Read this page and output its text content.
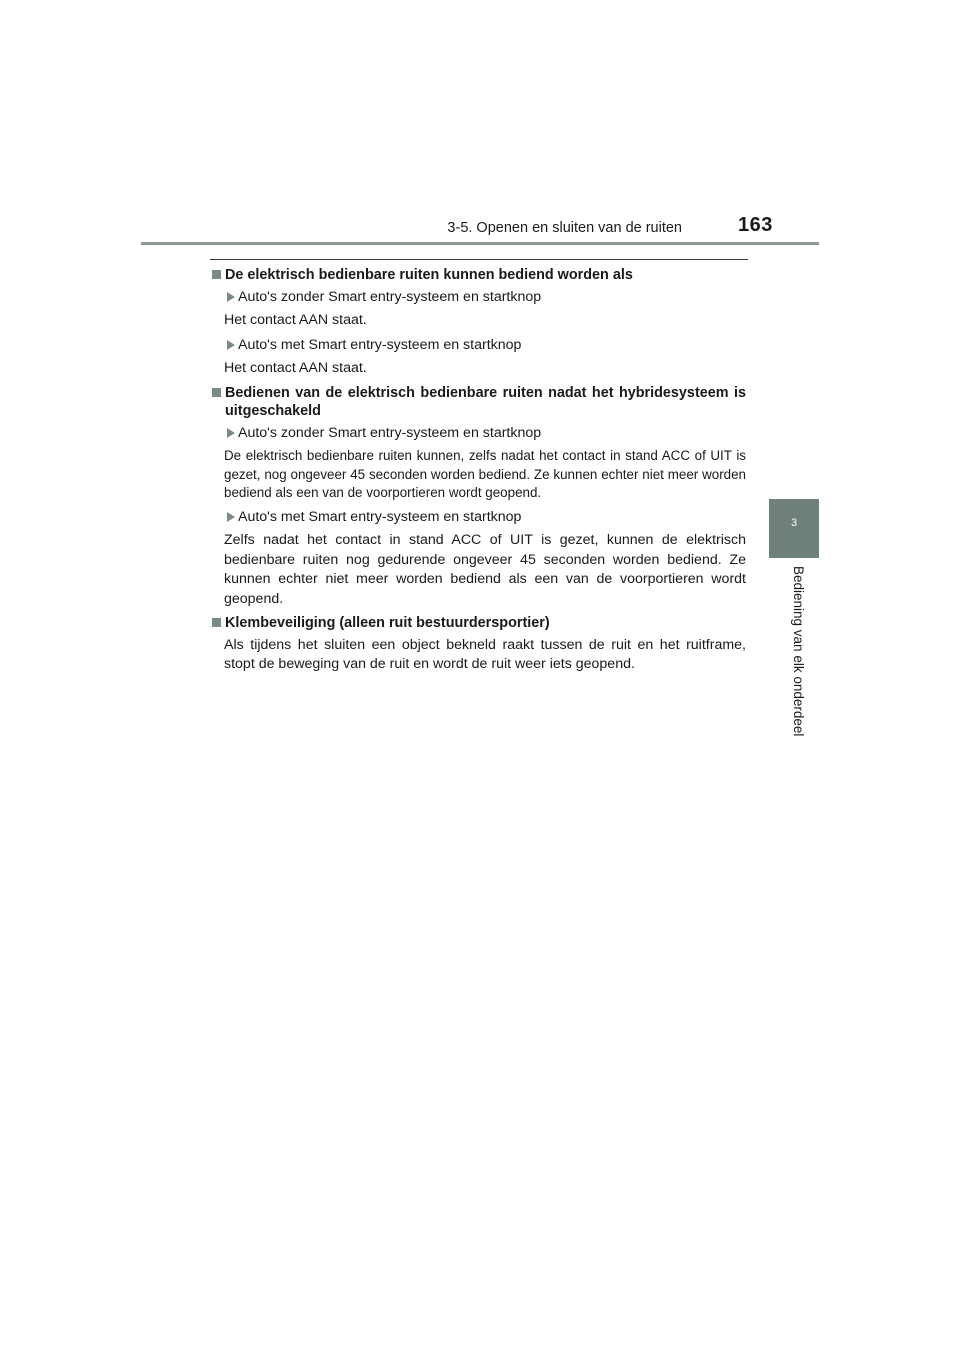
3-5. Openen en sluiten van de ruiten	163
3
Bediening van elk onderdeel
De elektrisch bedienbare ruiten kunnen bediend worden als
Auto's zonder Smart entry-systeem en startknop
Het contact AAN staat.
Auto's met Smart entry-systeem en startknop
Het contact AAN staat.
Bedienen van de elektrisch bedienbare ruiten nadat het hybridesysteem is uitgeschakeld
Auto's zonder Smart entry-systeem en startknop
De elektrisch bedienbare ruiten kunnen, zelfs nadat het contact in stand ACC of UIT is gezet, nog ongeveer 45 seconden worden bediend. Ze kunnen echter niet meer worden bediend als een van de voorportieren wordt geopend.
Auto's met Smart entry-systeem en startknop
Zelfs nadat het contact in stand ACC of UIT is gezet, kunnen de elektrisch bedienbare ruiten nog gedurende ongeveer 45 seconden worden bediend. Ze kunnen echter niet meer worden bediend als een van de voorportieren wordt geopend.
Klembeveiliging (alleen ruit bestuurdersportier)
Als tijdens het sluiten een object bekneld raakt tussen de ruit en het ruitframe, stopt de beweging van de ruit en wordt de ruit weer iets geopend.
